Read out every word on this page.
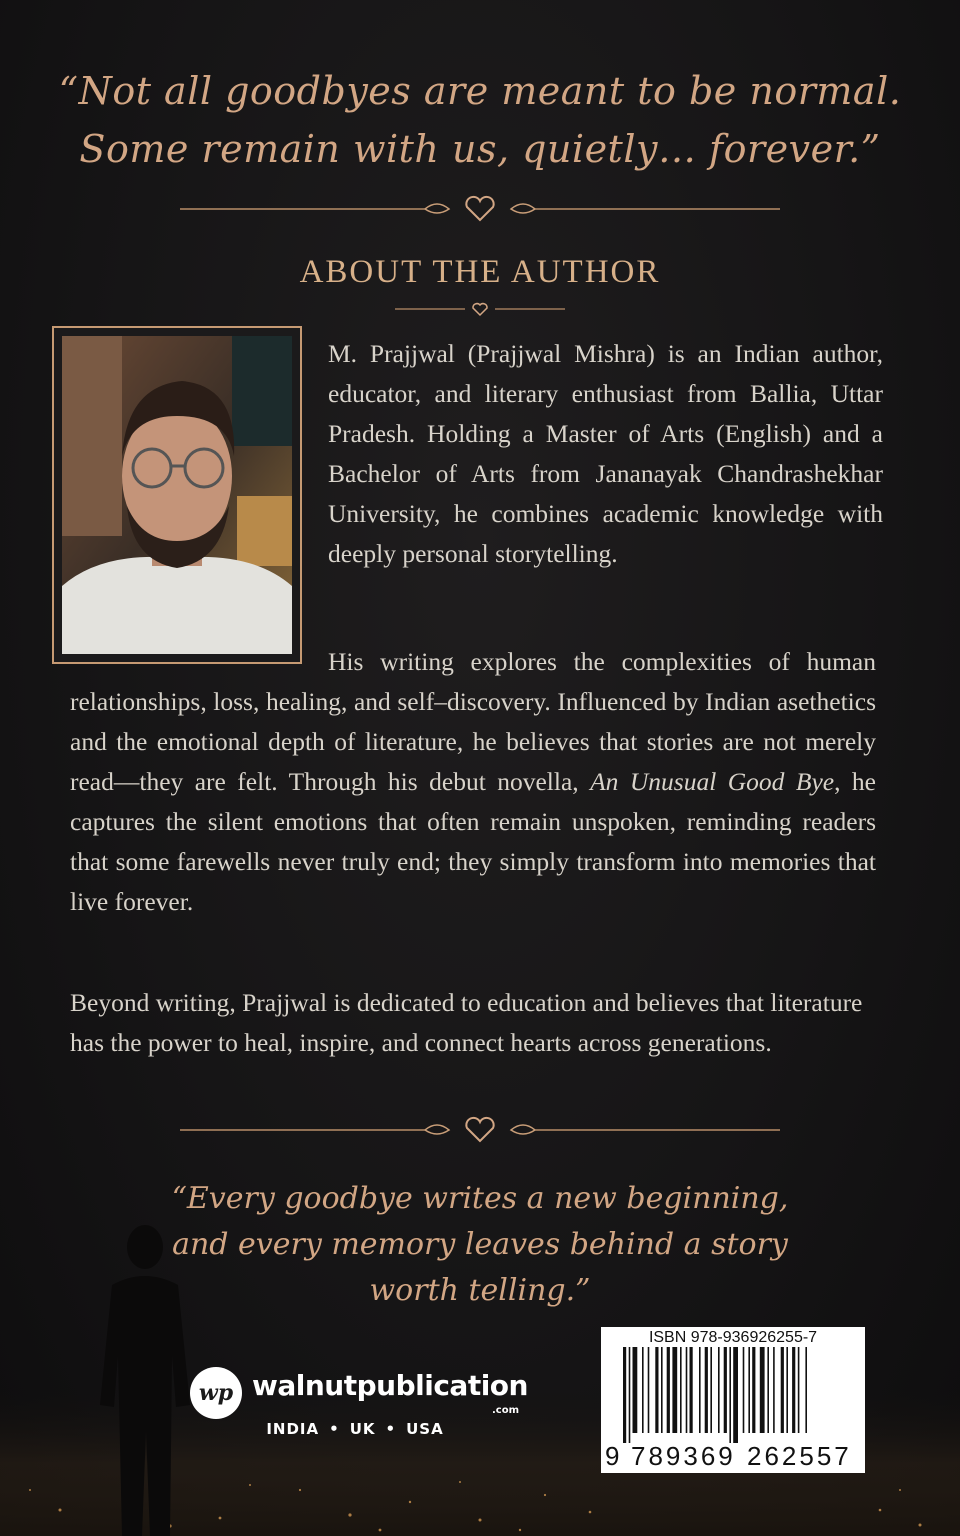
“Not all goodbyes are meant to be normal.
Some remain with us, quietly… forever.”
ABOUT THE AUTHOR

M. Prajjwal (Prajjwal Mishra) is an Indian author, educator, and literary enthusiast from Ballia, Uttar Pradesh. Holding a Master of Arts (English) and a Bachelor of Arts from Jananayak Chandrashekhar University, he combines academic knowledge with deeply personal storytelling.

His writing explores the complexities of human relationships, loss, healing, and self–discovery. Influenced by Indian asethetics and the emotional depth of literature, he believes that stories are not merely read—they are felt. Through his debut novella, An Unusual Good Bye, he captures the silent emotions that often remain unspoken, reminding readers that some farewells never truly end; they simply transform into memories that live forever.

Beyond writing, Prajjwal is dedicated to education and believes that literature has the power to heal, inspire, and connect hearts across generations.

“Every goodbye writes a new beginning,
and every memory leaves behind a story
worth telling.”
wp walnutpublication
.com
INDIA • UK • USA
ISBN 978-936926255-7
9 789369 262557
